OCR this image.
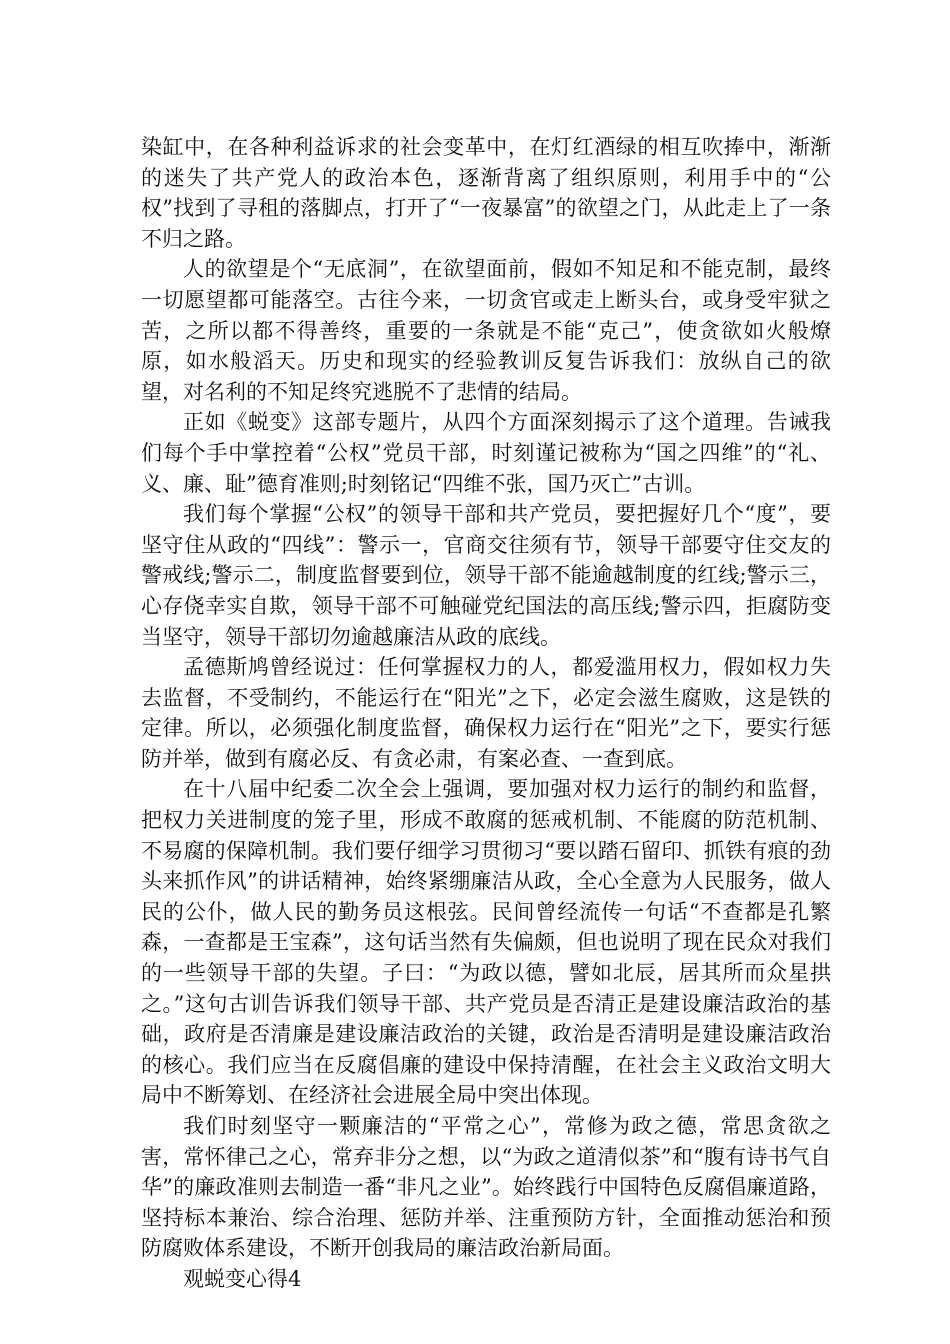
染缸中，在各种利益诉求的社会变革中，在灯红酒绿的相互吹捧中，渐渐的迷失了共产党人的政治本色，逐渐背离了组织原则，利用手中的“公权”找到了寻租的落脚点，打开了“一夜暴富”的欲望之门，从此走上了一条不归之路。

人的欲望是个“无底洞”，在欲望面前，假如不知足和不能克制，最终一切愿望都可能落空。古往今来，一切贪官或走上断头台，或身受牢狱之苦，之所以都不得善终，重要的一条就是不能“克己”，使贪欲如火般燎原，如水般滔天。历史和现实的经验教训反复告诉我们：放纵自己的欲望，对名利的不知足终究逃脱不了悲情的结局。

正如《蜕变》这部专题片，从四个方面深刻揭示了这个道理。告诫我们每个手中掌控着“公权”党员干部，时刻谨记被称为“国之四维”的“礼、义、廉、耻”德育准则;时刻铭记“四维不张，国乃灭亡”古训。

我们每个掌握“公权”的领导干部和共产党员，要把握好几个“度”，要坚守住从政的“四线”：警示一，官商交往须有节，领导干部要守住交友的警戒线;警示二，制度监督要到位，领导干部不能逾越制度的红线;警示三，心存侥幸实自欺，领导干部不可触碰党纪国法的高压线;警示四，拒腐防变当坚守，领导干部切勿逾越廉洁从政的底线。

孟德斯鸠曾经说过：任何掌握权力的人，都爱滥用权力，假如权力失去监督，不受制约，不能运行在“阳光”之下，必定会滋生腐败，这是铁的定律。所以，必须强化制度监督，确保权力运行在“阳光”之下，要实行惩防并举，做到有腐必反、有贪必肃，有案必查、一查到底。

在十八届中纪委二次全会上强调，要加强对权力运行的制约和监督，把权力关进制度的笼子里，形成不敢腐的惩戒机制、不能腐的防范机制、不易腐的保障机制。我们要仔细学习贯彻习“要以踏石留印、抓铁有痕的劲头来抓作风”的讲话精神，始终紧绷廉洁从政，全心全意为人民服务，做人民的公仆，做人民的勤务员这根弦。民间曾经流传一句话“不查都是孔繁森，一查都是王宝森”，这句话当然有失偏颇，但也说明了现在民众对我们的一些领导干部的失望。子曰：“为政以德，譬如北辰，居其所而众星拱之。”这句古训告诉我们领导干部、共产党员是否清正是建设廉洁政治的基础，政府是否清廉是建设廉洁政治的关键，政治是否清明是建设廉洁政治的核心。我们应当在反腐倡廉的建设中保持清醒，在社会主义政治文明大局中不断筹划、在经济社会进展全局中突出体现。

我们时刻坚守一颗廉洁的“平常之心”，常修为政之德，常思贪欲之害，常怀律己之心，常弃非分之想，以“为政之道清似茶”和“腹有诗书气自华”的廉政准则去制造一番“非凡之业”。始终践行中国特色反腐倡廉道路，坚持标本兼治、综合治理、惩防并举、注重预防方针，全面推动惩治和预防腐败体系建设，不断开创我局的廉洁政治新局面。

观蜕变心得4
